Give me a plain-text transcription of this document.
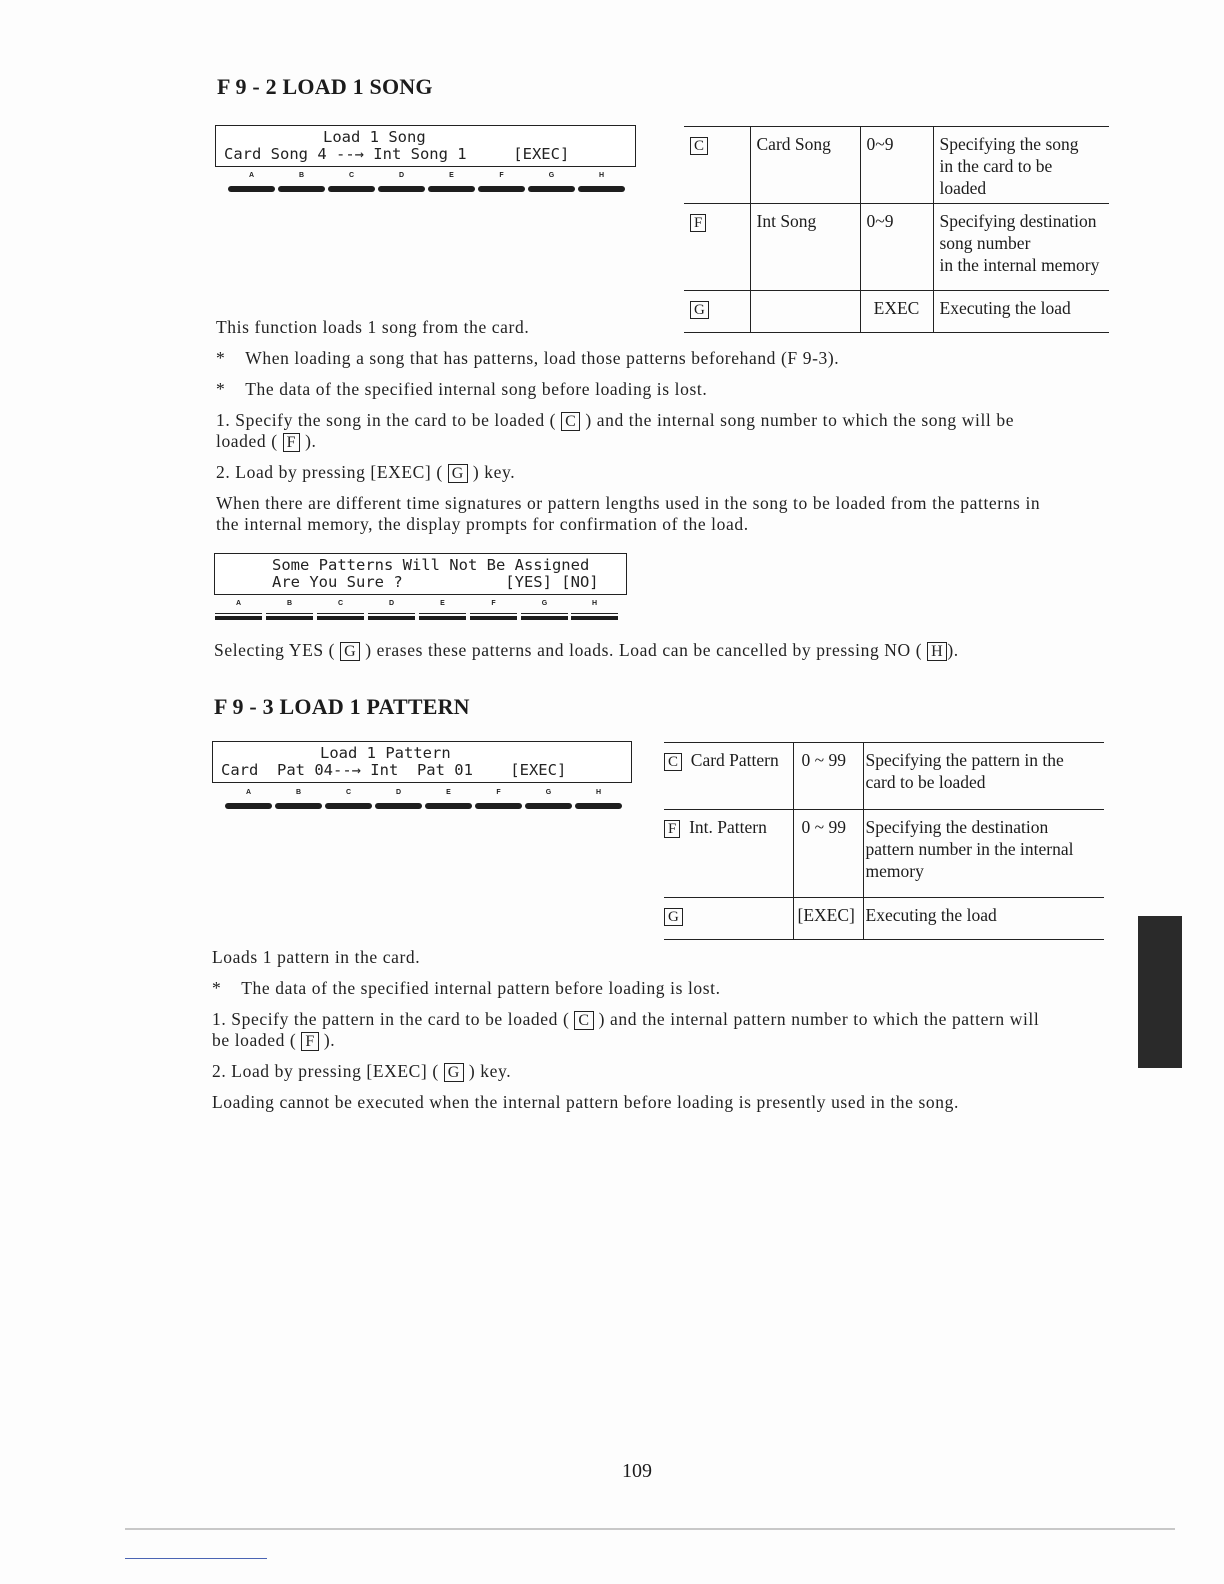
F 9 - 2 LOAD 1 SONG
Load 1 Song
Card Song 4 --→ Int Song 1     [EXEC]
A	B	C	D	E	F	G	H
C	Card Song	0~9	Specifying the song
in the card to be loaded

F	Int Song	0~9	Specifying destination
song number
in the internal memory

G		EXEC	Executing the load
This function loads 1 song from the card.
*    When loading a song that has patterns, load those patterns beforehand (F 9-3).
*    The data of the specified internal song before loading is lost.
1. Specify the song in the card to be loaded ( C ) and the internal song number to which the song will be
loaded ( F ).
2. Load by pressing [EXEC] ( G ) key.
When there are different time signatures or pattern lengths used in the song to be loaded from the patterns in
the internal memory, the display prompts for confirmation of the load.
Some Patterns Will Not Be Assigned
Are You Sure ?           [YES] [NO]
A	B	C	D	E	F	G	H
Selecting YES ( G ) erases these patterns and loads. Load can be cancelled by pressing NO ( H ).
F 9 - 3 LOAD 1 PATTERN
Load 1 Pattern
Card  Pat 04--→ Int  Pat 01    [EXEC]
A	B	C	D	E	F	G	H
C Card Pattern	0 ~ 99	Specifying the pattern in the
card to be loaded

F Int. Pattern	0 ~ 99	Specifying the destination
pattern number in the internal
memory

G	[EXEC]	Executing the load
Loads 1 pattern in the card.
*    The data of the specified internal pattern before loading is lost.
1. Specify the pattern in the card to be loaded ( C ) and the internal pattern number to which the pattern will
be loaded ( F ).
2. Load by pressing [EXEC] ( G ) key.
Loading cannot be executed when the internal pattern before loading is presently used in the song.
109
